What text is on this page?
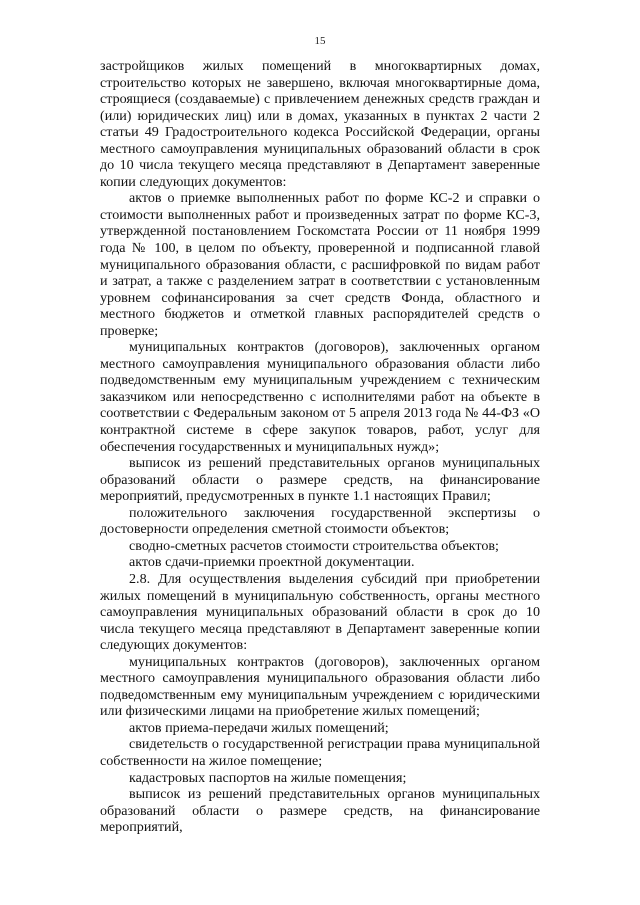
15

застройщиков жилых помещений в многоквартирных домах, строительство которых не завершено, включая многоквартирные дома, строящиеся (создаваемые) с привлечением денежных средств граждан и (или) юридических лиц) или в домах, указанных в пунктах 2 части 2 статьи 49 Градостроительного кодекса Российской Федерации, органы местного самоуправления муниципальных образований области в срок до 10 числа текущего месяца представляют в Департамент заверенные копии следующих документов:

актов о приемке выполненных работ по форме КС-2 и справки о стоимости выполненных работ и произведенных затрат по форме КС-3, утвержденной постановлением Госкомстата России от 11 ноября 1999 года № 100, в целом по объекту, проверенной и подписанной главой муниципального образования области, с расшифровкой по видам работ и затрат, а также с разделением затрат в соответствии с установленным уровнем софинансирования за счет средств Фонда, областного и местного бюджетов и отметкой главных распорядителей средств о проверке;

муниципальных контрактов (договоров), заключенных органом местного самоуправления муниципального образования области либо подведомственным ему муниципальным учреждением с техническим заказчиком или непосредственно с исполнителями работ на объекте в соответствии с Федеральным законом от 5 апреля 2013 года № 44-ФЗ «О контрактной системе в сфере закупок товаров, работ, услуг для обеспечения государственных и муниципальных нужд»;

выписок из решений представительных органов муниципальных образований области о размере средств, на финансирование мероприятий, предусмотренных в пункте 1.1 настоящих Правил;

положительного заключения государственной экспертизы о достоверности определения сметной стоимости объектов;

сводно-сметных расчетов стоимости строительства объектов;

актов сдачи-приемки проектной документации.

2.8. Для осуществления выделения субсидий при приобретении жилых помещений в муниципальную собственность, органы местного самоуправления муниципальных образований области в срок до 10 числа текущего месяца представляют в Департамент заверенные копии следующих документов:

муниципальных контрактов (договоров), заключенных органом местного самоуправления муниципального образования области либо подведомственным ему муниципальным учреждением с юридическими или физическими лицами на приобретение жилых помещений;

актов приема-передачи жилых помещений;

свидетельств о государственной регистрации права муниципальной собственности на жилое помещение;

кадастровых паспортов на жилые помещения;

выписок из решений представительных органов муниципальных образований области о размере средств, на финансирование мероприятий,
